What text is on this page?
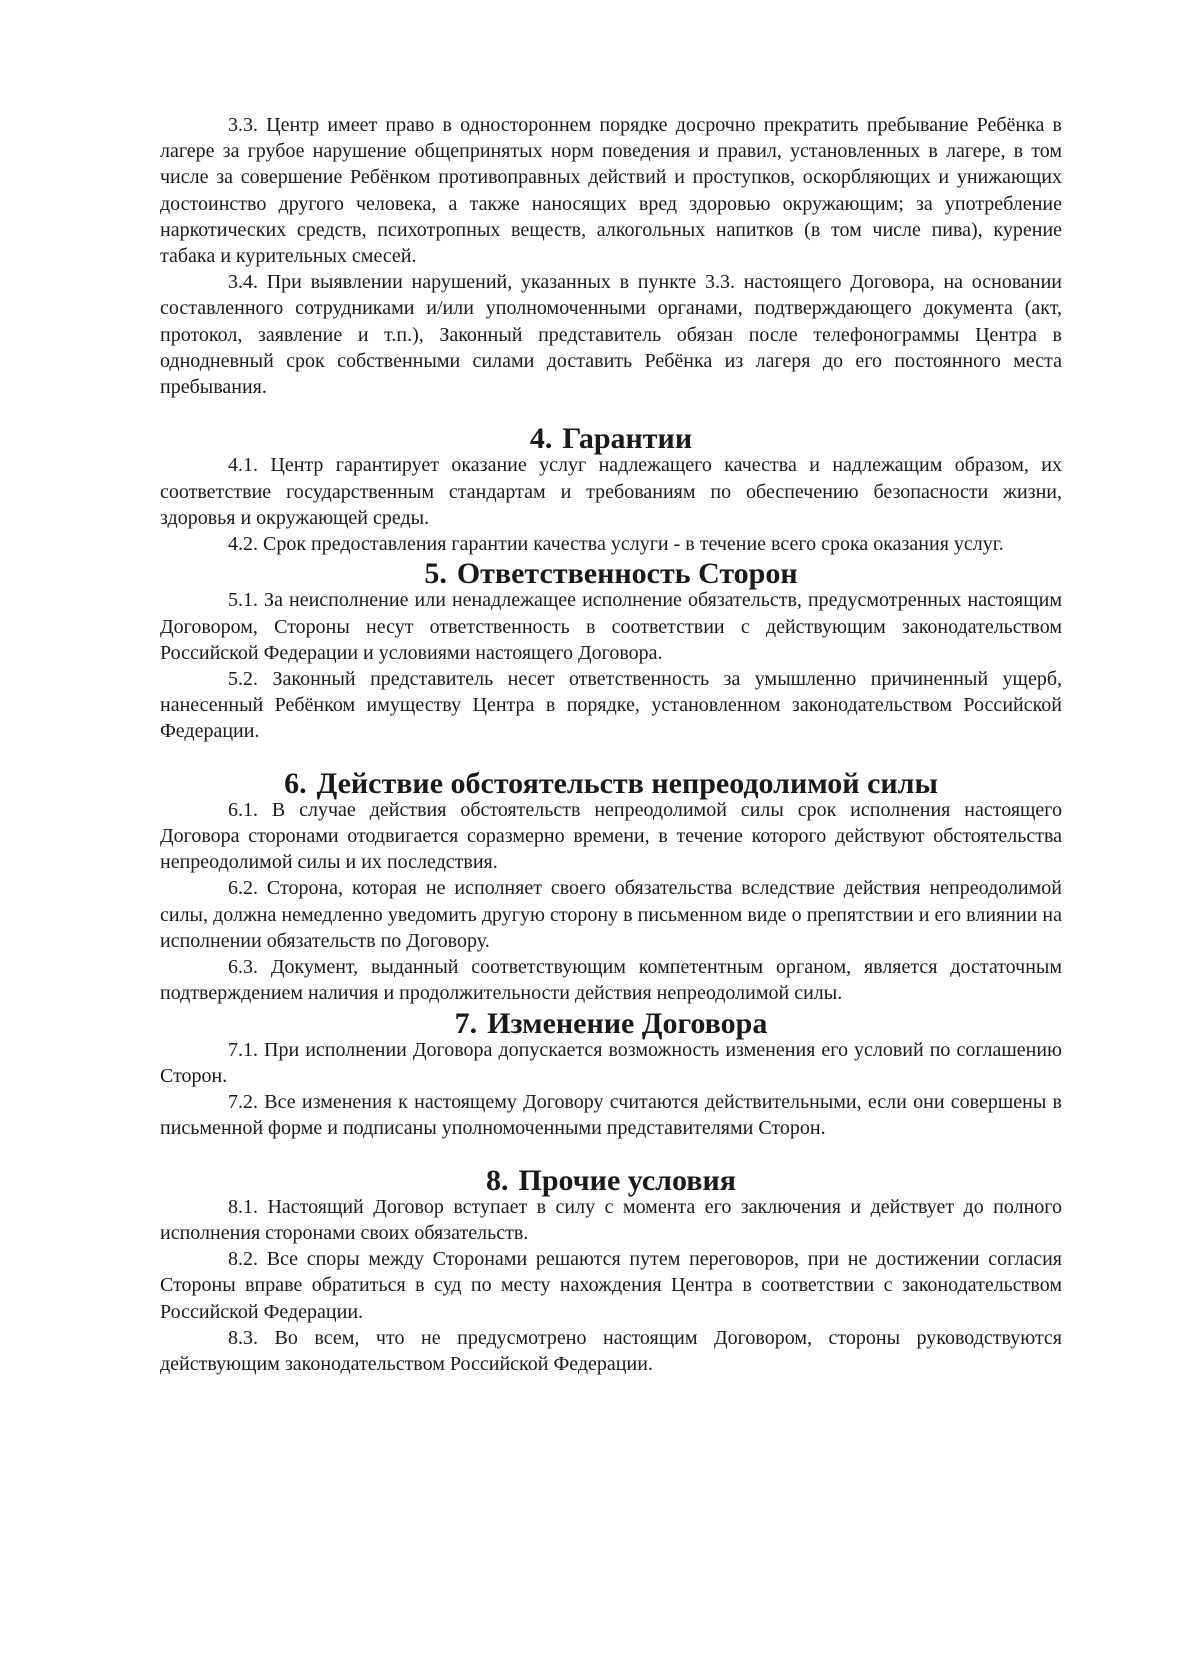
3.3. Центр имеет право в одностороннем порядке досрочно прекратить пребывание Ребёнка в лагере за грубое нарушение общепринятых норм поведения и правил, установленных в лагере, в том числе за совершение Ребёнком противоправных действий и проступков, оскорбляющих и унижающих достоинство другого человека, а также наносящих вред здоровью окружающим; за употребление наркотических средств, психотропных веществ, алкогольных напитков (в том числе пива), курение табака и курительных смесей.

3.4. При выявлении нарушений, указанных в пункте 3.3. настоящего Договора, на основании составленного сотрудниками и/или уполномоченными органами, подтверждающего документа (акт, протокол, заявление и т.п.), Законный представитель обязан после телефонограммы Центра в однодневный срок собственными силами доставить Ребёнка из лагеря до его постоянного места пребывания.

4. Гарантии

4.1. Центр гарантирует оказание услуг надлежащего качества и надлежащим образом, их соответствие государственным стандартам и требованиям по обеспечению безопасности жизни, здоровья и окружающей среды.

4.2. Срок предоставления гарантии качества услуги - в течение всего срока оказания услуг.

5. Ответственность Сторон

5.1. За неисполнение или ненадлежащее исполнение обязательств, предусмотренных настоящим Договором, Стороны несут ответственность в соответствии с действующим законодательством Российской Федерации и условиями настоящего Договора.

5.2. Законный представитель несет ответственность за умышленно причиненный ущерб, нанесенный Ребёнком имуществу Центра в порядке, установленном законодательством Российской Федерации.

6. Действие обстоятельств непреодолимой силы

6.1. В случае действия обстоятельств непреодолимой силы срок исполнения настоящего Договора сторонами отодвигается соразмерно времени, в течение которого действуют обстоятельства непреодолимой силы и их последствия.

6.2. Сторона, которая не исполняет своего обязательства вследствие действия непреодолимой силы, должна немедленно уведомить другую сторону в письменном виде о препятствии и его влиянии на исполнении обязательств по Договору.

6.3. Документ, выданный соответствующим компетентным органом, является достаточным подтверждением наличия и продолжительности действия непреодолимой силы.

7. Изменение Договора

7.1. При исполнении Договора допускается возможность изменения его условий по соглашению Сторон.

7.2. Все изменения к настоящему Договору считаются действительными, если они совершены в письменной форме и подписаны уполномоченными представителями Сторон.

8. Прочие условия

8.1. Настоящий Договор вступает в силу с момента его заключения и действует до полного исполнения сторонами своих обязательств.

8.2. Все споры между Сторонами решаются путем переговоров, при не достижении согласия Стороны вправе обратиться в суд по месту нахождения Центра в соответствии с законодательством Российской Федерации.

8.3. Во всем, что не предусмотрено настоящим Договором, стороны руководствуются действующим законодательством Российской Федерации.
